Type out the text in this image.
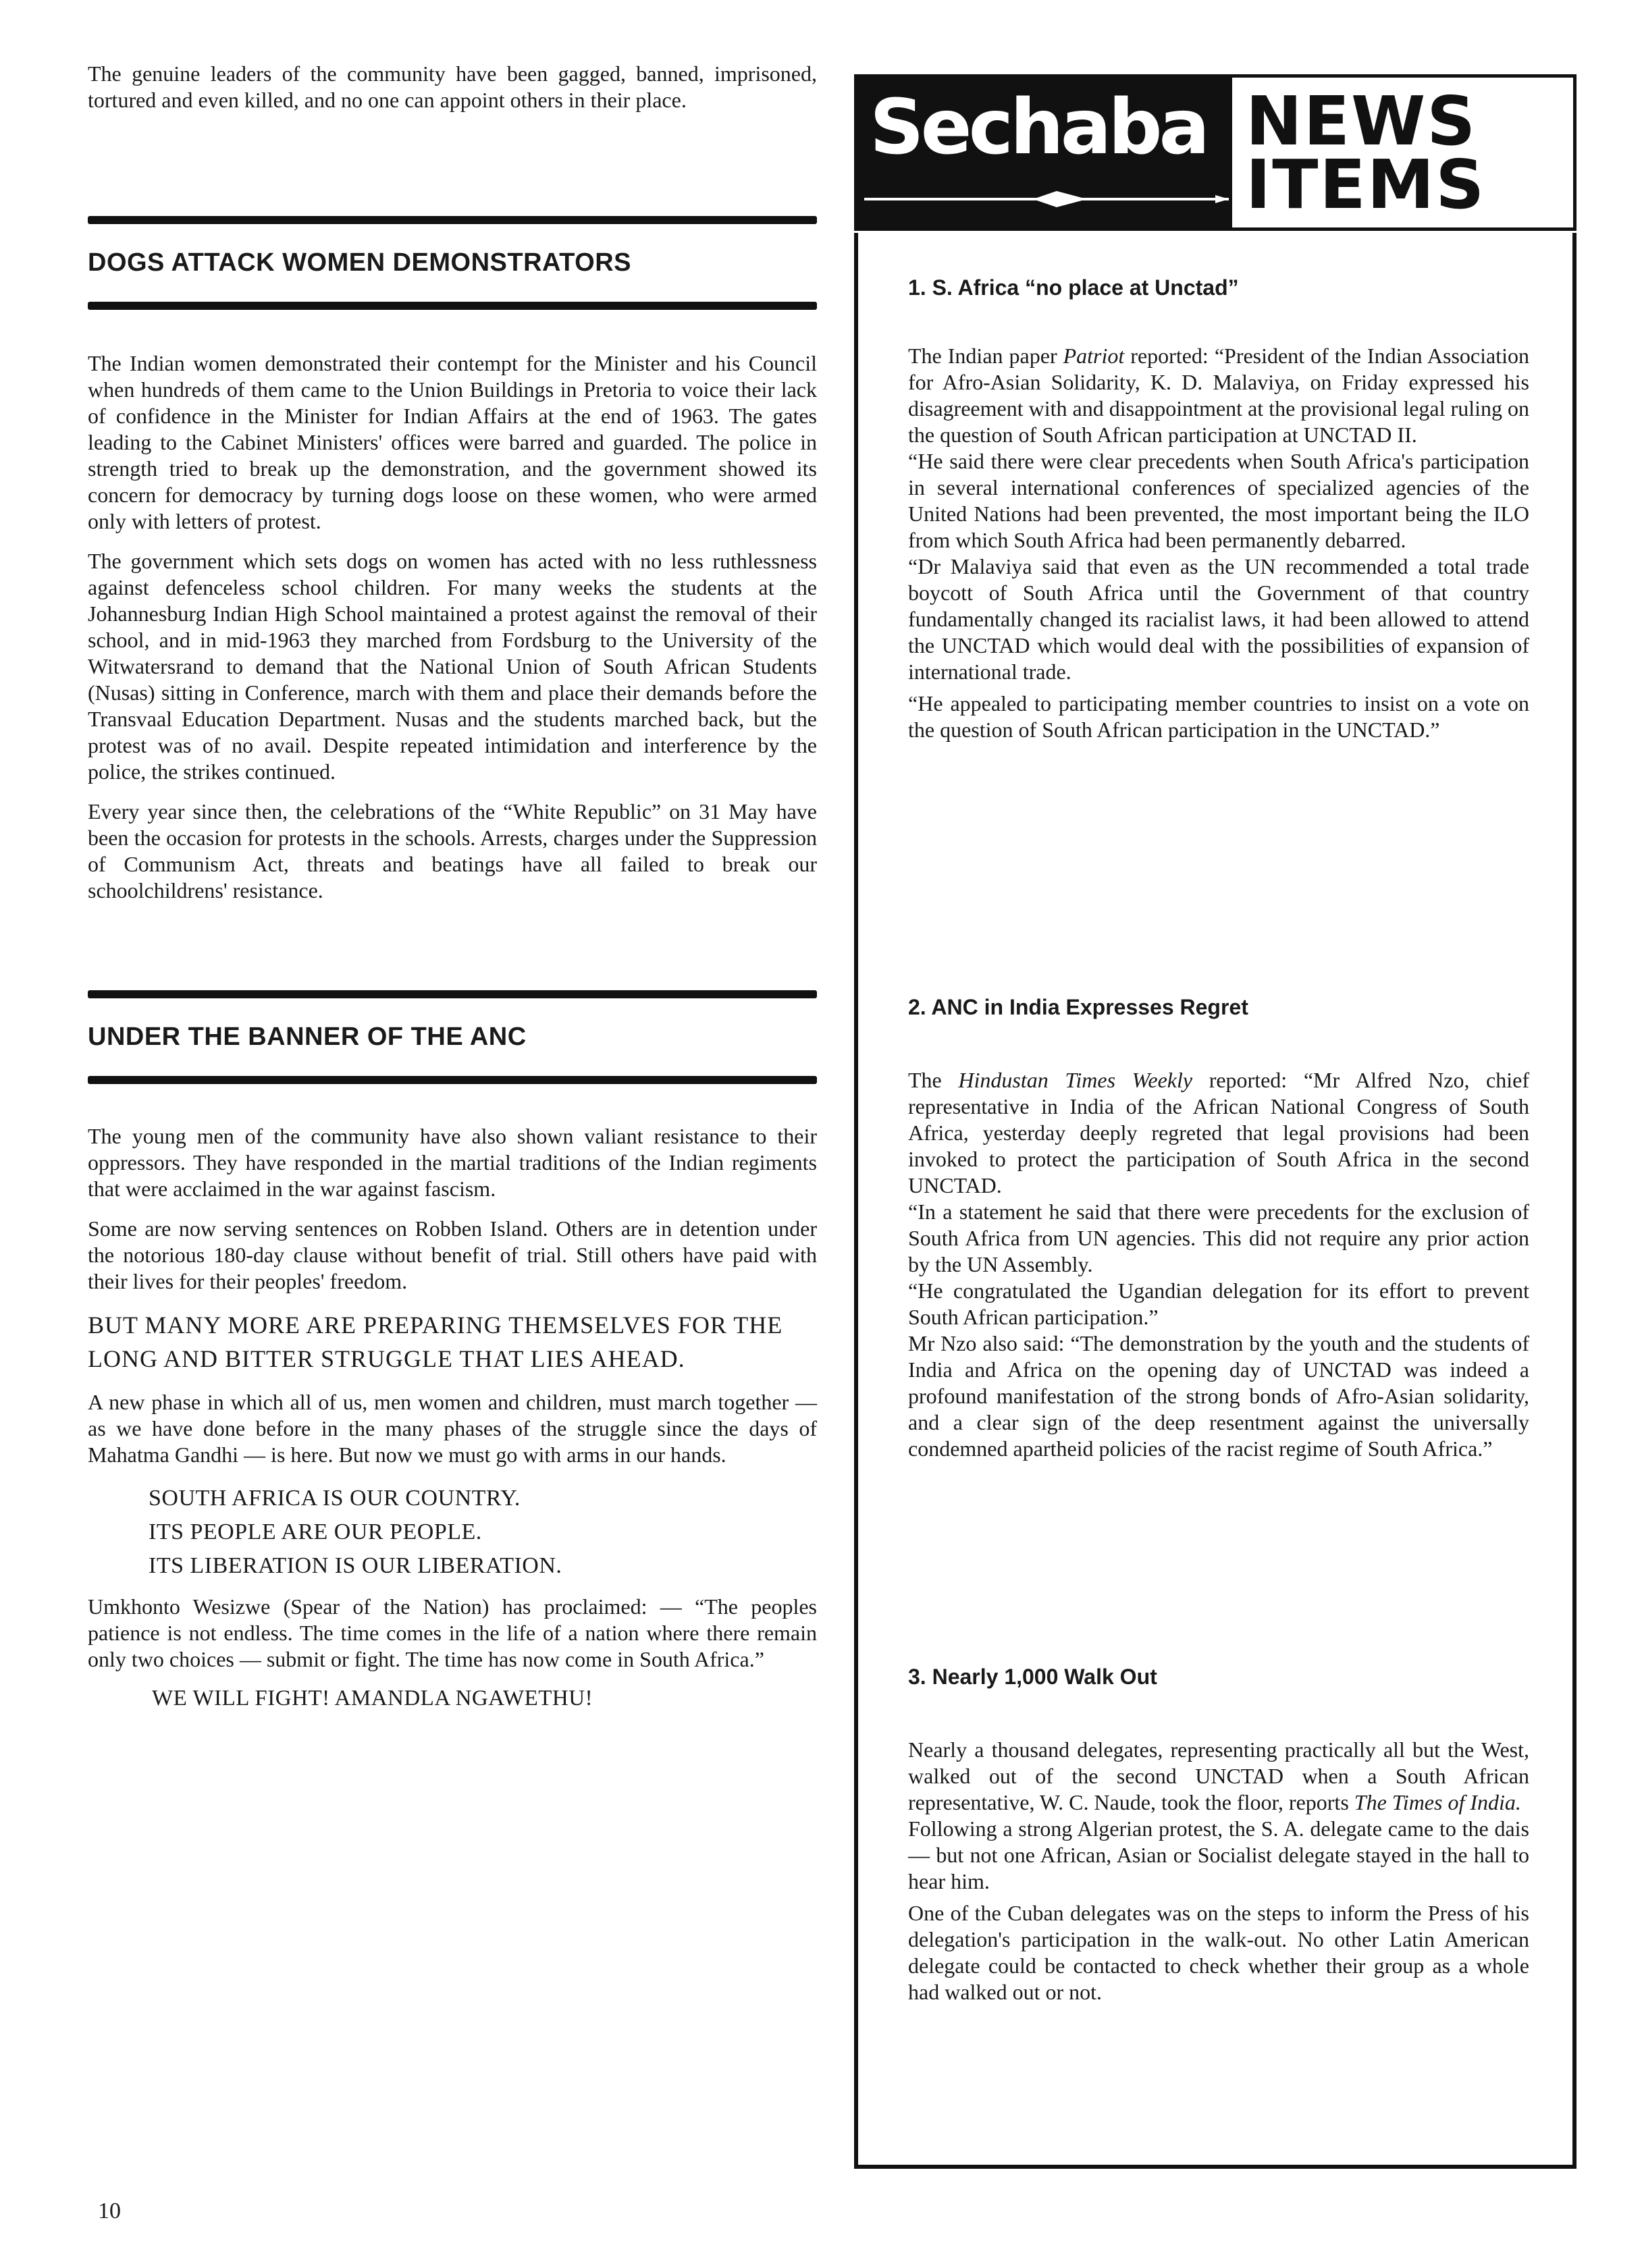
The genuine leaders of the community have been gagged, banned, imprisoned, tortured and even killed, and no one can appoint others in their place.

DOGS ATTACK WOMEN DEMONSTRATORS

The Indian women demonstrated their contempt for the Minister and his Council when hundreds of them came to the Union Buildings in Pretoria to voice their lack of confidence in the Minister for Indian Affairs at the end of 1963. The gates leading to the Cabinet Ministers' offices were barred and guarded. The police in strength tried to break up the demonstration, and the government showed its concern for democracy by turning dogs loose on these women, who were armed only with letters of protest.

The government which sets dogs on women has acted with no less ruthlessness against defenceless school children. For many weeks the students at the Johannesburg Indian High School maintained a protest against the removal of their school, and in mid-1963 they marched from Fordsburg to the University of the Witwatersrand to demand that the National Union of South African Students (Nusas) sitting in Conference, march with them and place their demands before the Transvaal Education Department. Nusas and the students marched back, but the protest was of no avail. Despite repeated intimidation and interference by the police, the strikes continued.

Every year since then, the celebrations of the “White Republic” on 31 May have been the occasion for protests in the schools. Arrests, charges under the Suppression of Communism Act, threats and beatings have all failed to break our schoolchildrens' resistance.

UNDER THE BANNER OF THE ANC

The young men of the community have also shown valiant resistance to their oppressors. They have responded in the martial traditions of the Indian regiments that were acclaimed in the war against fascism.

Some are now serving sentences on Robben Island. Others are in detention under the notorious 180-day clause without benefit of trial. Still others have paid with their lives for their peoples' freedom.

BUT MANY MORE ARE PREPARING THEMSELVES FOR THE LONG AND BITTER STRUGGLE THAT LIES AHEAD.

A new phase in which all of us, men women and children, must march together — as we have done before in the many phases of the struggle since the days of Mahatma Gandhi — is here. But now we must go with arms in our hands.

SOUTH AFRICA IS OUR COUNTRY.

ITS PEOPLE ARE OUR PEOPLE.

ITS LIBERATION IS OUR LIBERATION.

Umkhonto Wesizwe (Spear of the Nation) has proclaimed: — “The peoples patience is not endless. The time comes in the life of a nation where there remain only two choices — submit or fight. The time has now come in South Africa.”

WE WILL FIGHT! AMANDLA NGAWETHU!

10
Sechaba NEWS
ITEMS
1. S. Africa “no place at Unctad”

The Indian paper Patriot reported: “President of the Indian Association for Afro-Asian Solidarity, K. D. Malaviya, on Friday expressed his disagreement with and disappointment at the provisional legal ruling on the question of South African participation at UNCTAD II.

“He said there were clear precedents when South Africa's participation in several international conferences of specialized agencies of the United Nations had been prevented, the most important being the ILO from which South Africa had been permanently debarred.

“Dr Malaviya said that even as the UN recommended a total trade boycott of South Africa until the Government of that country fundamentally changed its racialist laws, it had been allowed to attend the UNCTAD which would deal with the possibilities of expansion of international trade.

“He appealed to participating member countries to insist on a vote on the question of South African participation in the UNCTAD.”

2. ANC in India Expresses Regret

The Hindustan Times Weekly reported: “Mr Alfred Nzo, chief representative in India of the African National Congress of South Africa, yesterday deeply regreted that legal provisions had been invoked to protect the participation of South Africa in the second UNCTAD.

“In a statement he said that there were precedents for the exclusion of South Africa from UN agencies. This did not require any prior action by the UN Assembly.

“He congratulated the Ugandian delegation for its effort to prevent South African participation.”

Mr Nzo also said: “The demonstration by the youth and the students of India and Africa on the opening day of UNCTAD was indeed a profound manifestation of the strong bonds of Afro-Asian solidarity, and a clear sign of the deep resentment against the universally condemned apartheid policies of the racist regime of South Africa.”

3. Nearly 1,000 Walk Out

Nearly a thousand delegates, representing practically all but the West, walked out of the second UNCTAD when a South African representative, W. C. Naude, took the floor, reports The Times of India.

Following a strong Algerian protest, the S. A. delegate came to the dais — but not one African, Asian or Socialist delegate stayed in the hall to hear him.

One of the Cuban delegates was on the steps to inform the Press of his delegation's participation in the walk-out. No other Latin American delegate could be contacted to check whether their group as a whole had walked out or not.
